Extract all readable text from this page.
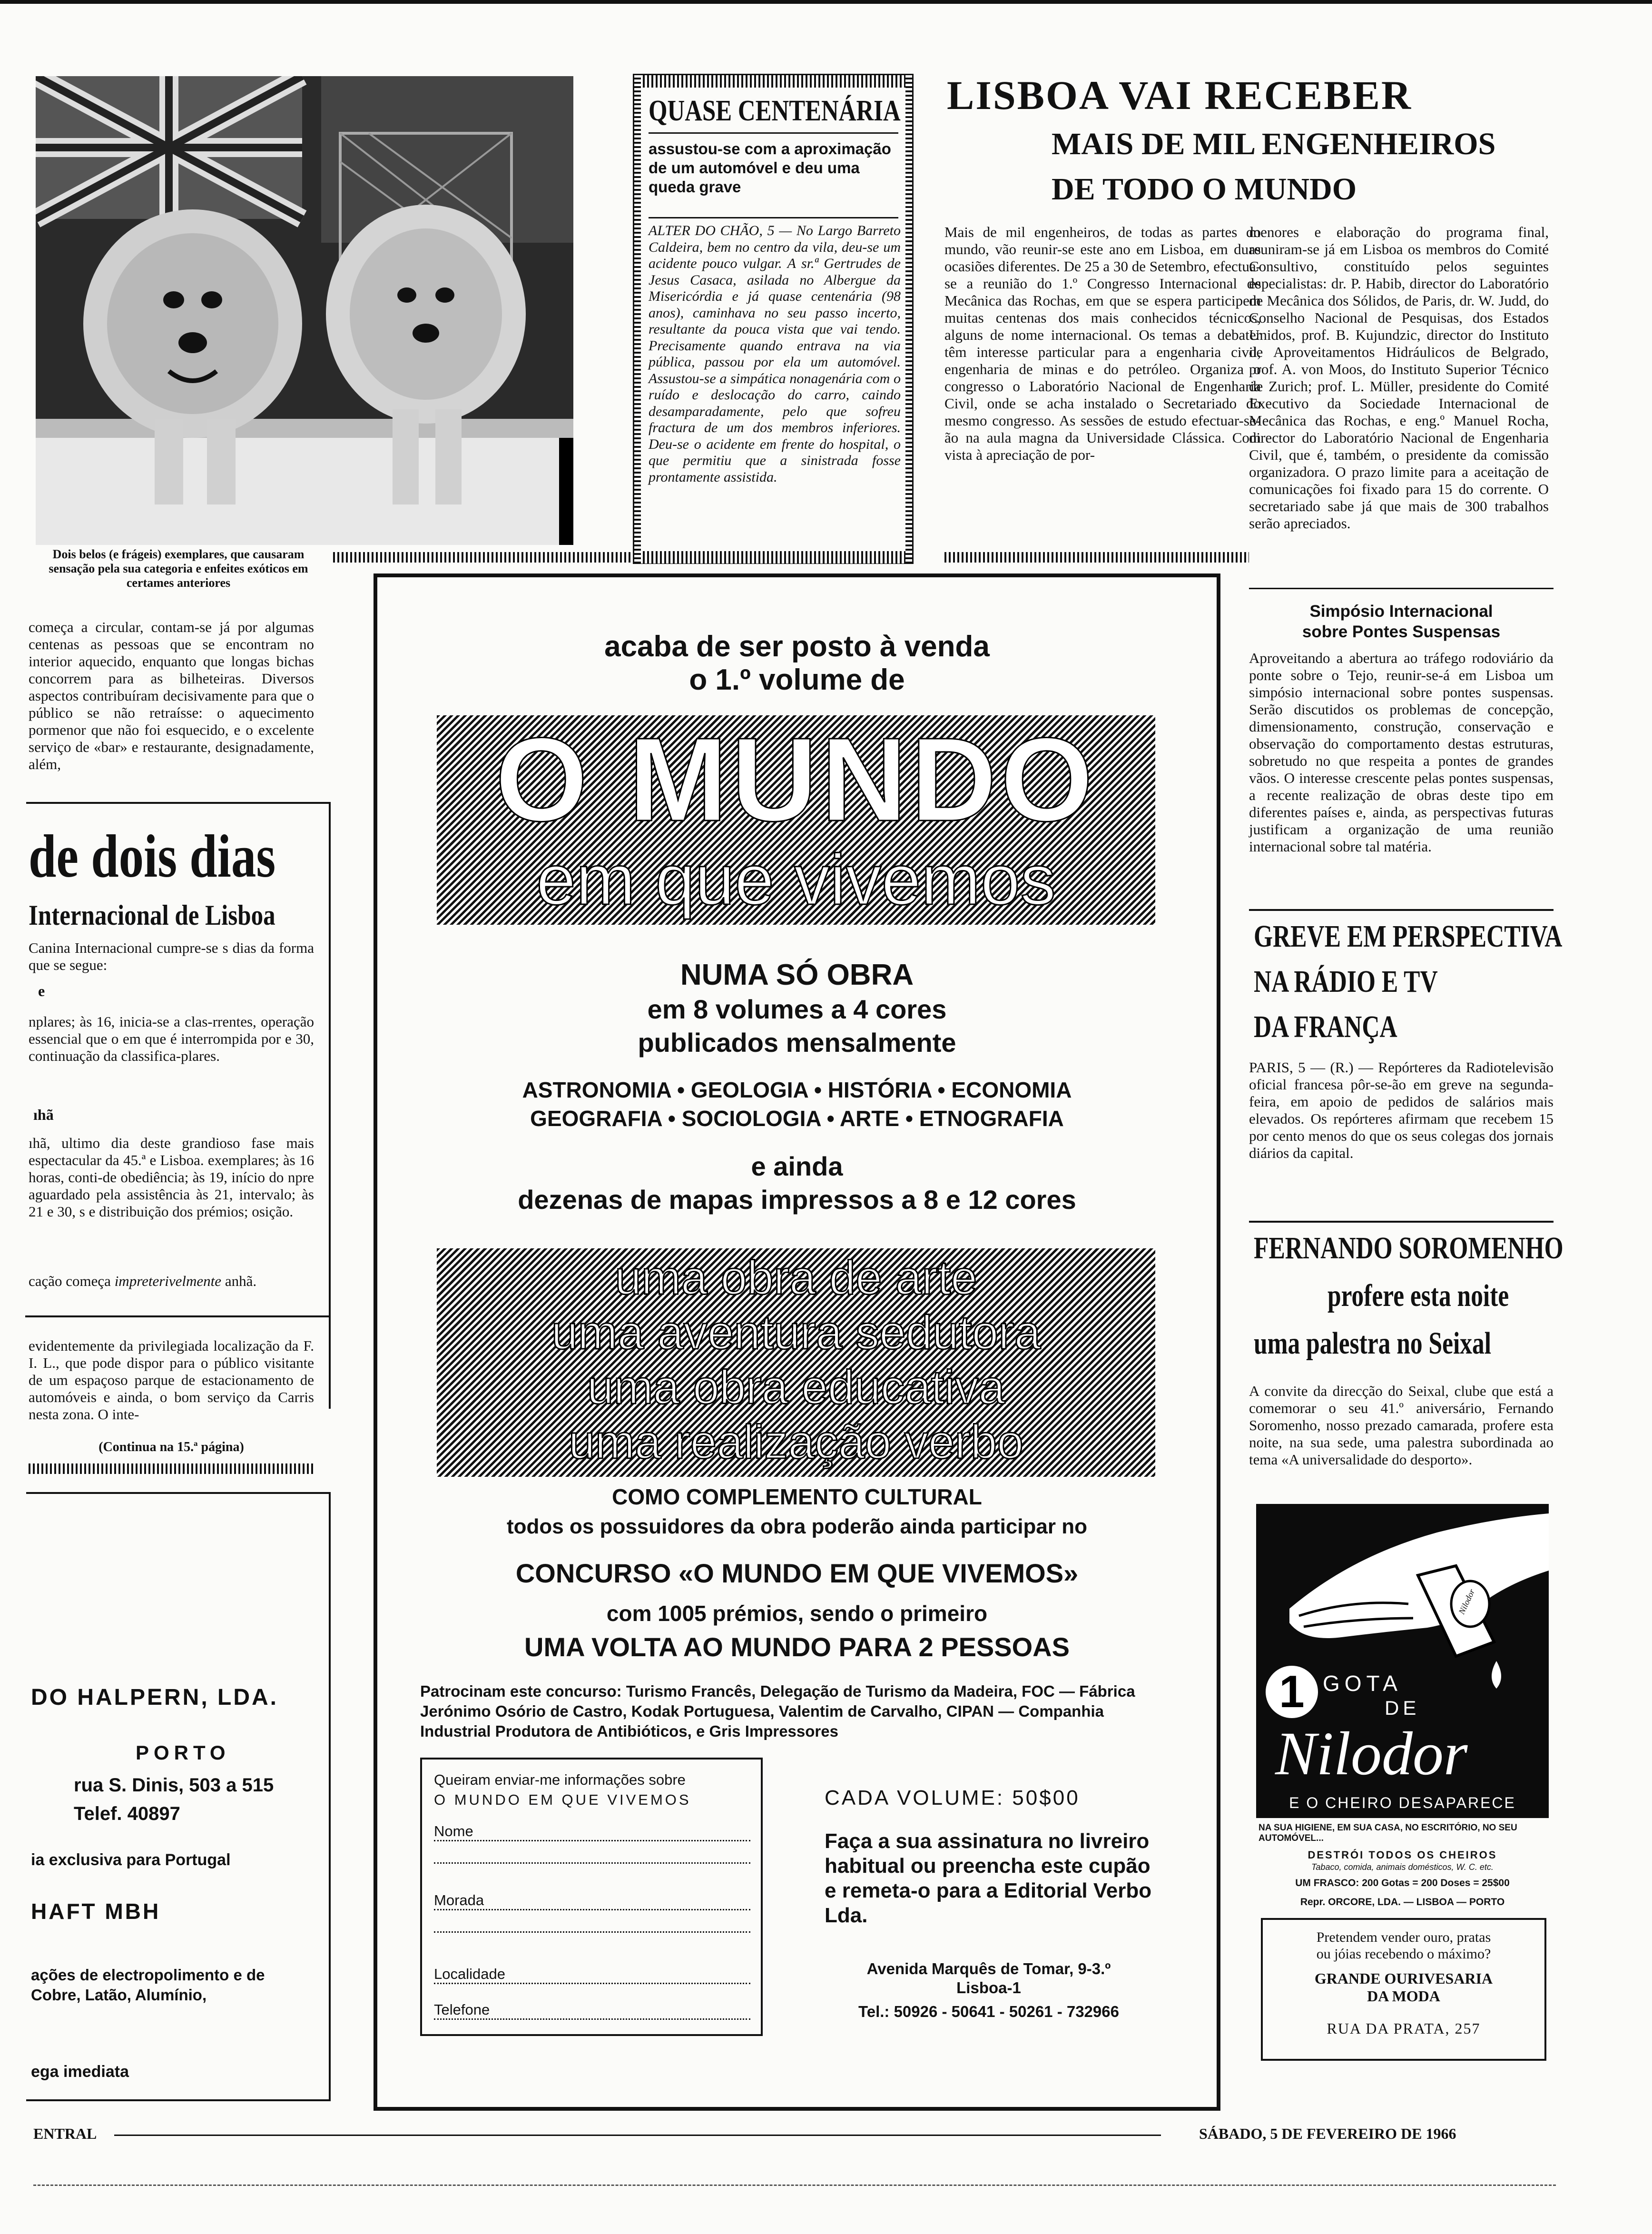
Dois belos (e frágeis) exemplares, que causaram sensação pela sua categoria e enfeites exóticos em certames anteriores
começa a circular, contam-se já por algumas centenas as pessoas que se encontram no interior aquecido, enquanto que longas bichas concorrem para as bilheteiras. Diversos aspectos contribuíram decisivamente para que o público se não retraísse: o aquecimento pormenor que não foi esquecido, e o excelente serviço de «bar» e restaurante, designadamente, além,
de dois dias
Internacional de Lisboa
Canina Internacional cumpre-se s dias da forma que se segue:
e
nplares; às 16, inicia-se a clas-rrentes, operação essencial que o em que é interrompida por e 30, continuação da classifica-plares.
ıhã
ıhã, ultimo dia deste grandioso fase mais espectacular da 45.ª e Lisboa. exemplares; às 16 horas, conti-de obediência; às 19, início do npre aguardado pela assistência às 21, intervalo; às 21 e 30, s e distribuição dos prémios; osição.
cação começa impreterivelmente anhã.
evidentemente da privilegiada localização da F. I. L., que pode dispor para o público visitante de um espaçoso parque de estacionamento de automóveis e ainda, o bom serviço da Carris nesta zona. O inte-
(Continua na 15.ª página)
DO HALPERN, LDA.
PORTO
rua S. Dinis, 503 a 515
Telef. 40897
ia exclusiva para Portugal
HAFT MBH
ações de electropolimento e de Cobre, Latão, Alumínio,
ega imediata
QUASE CENTENÁRIA
assustou-se com a aproximação de um automóvel e deu uma queda grave
ALTER DO CHÃO, 5 — No Largo Barreto Caldeira, bem no centro da vila, deu-se um acidente pouco vulgar. A sr.ª Gertrudes de Jesus Casaca, asilada no Albergue da Misericórdia e já quase centenária (98 anos), caminhava no seu passo incerto, resultante da pouca vista que vai tendo. Precisamente quando entrava na via pública, passou por ela um automóvel. Assustou-se a simpática nonagenária com o ruído e deslocação do carro, caindo desamparadamente, pelo que sofreu fractura de um dos membros inferiores. Deu-se o acidente em frente do hospital, o que permitiu que a sinistrada fosse prontamente assistida.
LISBOA VAI RECEBER
MAIS DE MIL ENGENHEIROS
DE TODO O MUNDO
Mais de mil engenheiros, de todas as partes do mundo, vão reunir-se este ano em Lisboa, em duas ocasiões diferentes. De 25 a 30 de Setembro, efectua-se a reunião do 1.º Congresso Internacional de Mecânica das Rochas, em que se espera participem muitas centenas dos mais conhecidos técnicos, alguns de nome internacional. Os temas a debater têm interesse particular para a engenharia civil, engenharia de minas e do petróleo. Organiza o congresso o Laboratório Nacional de Engenharia Civil, onde se acha instalado o Secretariado do mesmo congresso. As sessões de estudo efectuar-se-ão na aula magna da Universidade Clássica. Com vista à apreciação de por-
menores e elaboração do programa final, reuniram-se já em Lisboa os membros do Comité Consultivo, constituído pelos seguintes especialistas: dr. P. Habib, director do Laboratório de Mecânica dos Sólidos, de Paris, dr. W. Judd, do Conselho Nacional de Pesquisas, dos Estados Unidos, prof. B. Kujundzic, director do Instituto de Aproveitamentos Hidráulicos de Belgrado, prof. A. von Moos, do Instituto Superior Técnico de Zurich; prof. L. Müller, presidente do Comité Executivo da Sociedade Internacional de Mecânica das Rochas, e eng.º Manuel Rocha, director do Laboratório Nacional de Engenharia Civil, que é, também, o presidente da comissão organizadora. O prazo limite para a aceitação de comunicações foi fixado para 15 do corrente. O secretariado sabe já que mais de 300 trabalhos serão apreciados.
Simpósio Internacional
sobre Pontes Suspensas
Aproveitando a abertura ao tráfego rodoviário da ponte sobre o Tejo, reunir-se-á em Lisboa um simpósio internacional sobre pontes suspensas. Serão discutidos os problemas de concepção, dimensionamento, construção, conservação e observação do comportamento destas estruturas, sobretudo no que respeita a pontes de grandes vãos. O interesse crescente pelas pontes suspensas, a recente realização de obras deste tipo em diferentes países e, ainda, as perspectivas futuras justificam a organização de uma reunião internacional sobre tal matéria.
GREVE EM PERSPECTIVA
NA RÁDIO E TV
DA FRANÇA
PARIS, 5 — (R.) — Repórteres da Radiotelevisão oficial francesa pôr-se-ão em greve na segunda-feira, em apoio de pedidos de salários mais elevados. Os repórteres afirmam que recebem 15 por cento menos do que os seus colegas dos jornais diários da capital.
FERNANDO SOROMENHO
profere esta noite
uma palestra no Seixal
A convite da direcção do Seixal, clube que está a comemorar o seu 41.º aniversário, Fernando Soromenho, nosso prezado camarada, profere esta noite, na sua sede, uma palestra subordinada ao tema «A universalidade do desporto».
Nilodor
1 GOTA
DE
Nilodor
E O CHEIRO DESAPARECE
NA SUA HIGIENE, EM SUA CASA, NO ESCRITÓRIO, NO SEU AUTOMÓVEL...
DESTRÓI TODOS OS CHEIROS
Tabaco, comida, animais domésticos, W. C. etc.
UM FRASCO: 200 Gotas = 200 Doses = 25$00
Repr. ORCORE, LDA. — LISBOA — PORTO
Pretendem vender ouro, pratas
ou jóias recebendo o máximo?
GRANDE OURIVESARIA
DA MODA
RUA DA PRATA, 257
acaba de ser posto à venda
o 1.º volume de
O MUNDO
em que vivemos
NUMA SÓ OBRA
em 8 volumes a 4 cores
publicados mensalmente
ASTRONOMIA • GEOLOGIA • HISTÓRIA • ECONOMIA
GEOGRAFIA • SOCIOLOGIA • ARTE • ETNOGRAFIA
e ainda
dezenas de mapas impressos a 8 e 12 cores
uma obra de arte
uma aventura sedutora
uma obra educativa
uma realização verbo
COMO COMPLEMENTO CULTURAL
todos os possuidores da obra poderão ainda participar no
CONCURSO «O MUNDO EM QUE VIVEMOS»
com 1005 prémios, sendo o primeiro
UMA VOLTA AO MUNDO PARA 2 PESSOAS
Patrocinam este concurso: Turismo Francês, Delegação de Turismo da Madeira, FOC — Fábrica Jerónimo Osório de Castro, Kodak Portuguesa, Valentim de Carvalho, CIPAN — Companhia Industrial Produtora de Antibióticos, e Gris Impressores
Queiram enviar-me informações sobre
O MUNDO EM QUE VIVEMOS
Nome
Morada
Localidade
Telefone
CADA VOLUME: 50$00
Faça a sua assinatura no livreiro habitual ou preencha este cupão e remeta-o para a Editorial Verbo Lda.
Avenida Marquês de Tomar, 9-3.º
Lisboa-1
Tel.: 50926 - 50641 - 50261 - 732966
ENTRAL	SÁBADO, 5 DE FEVEREIRO DE 1966
